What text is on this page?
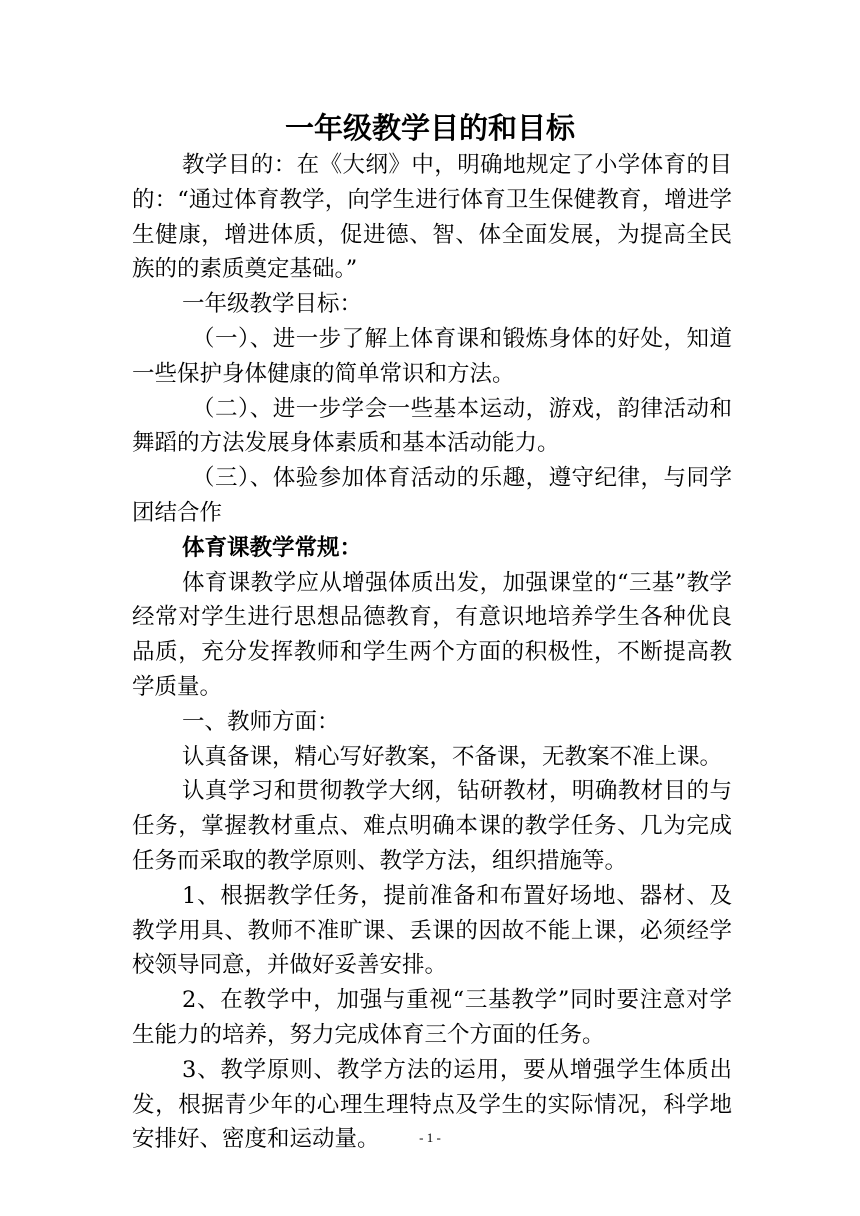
一年级教学目的和目标

教学目的：在《大纲》中，明确地规定了小学体育的目的：“通过体育教学，向学生进行体育卫生保健教育，增进学生健康，增进体质，促进德、智、体全面发展，为提高全民族的的素质奠定基础。”

一年级教学目标：

（一）、进一步了解上体育课和锻炼身体的好处，知道一些保护身体健康的简单常识和方法。

（二）、进一步学会一些基本运动，游戏，韵律活动和舞蹈的方法发展身体素质和基本活动能力。

（三）、体验参加体育活动的乐趣，遵守纪律，与同学团结合作

体育课教学常规：

体育课教学应从增强体质出发，加强课堂的“三基”教学经常对学生进行思想品德教育，有意识地培养学生各种优良品质，充分发挥教师和学生两个方面的积极性，不断提高教学质量。

一、教师方面：

认真备课，精心写好教案，不备课，无教案不准上课。

认真学习和贯彻教学大纲，钻研教材，明确教材目的与任务，掌握教材重点、难点明确本课的教学任务、几为完成任务而采取的教学原则、教学方法，组织措施等。

1、根据教学任务，提前准备和布置好场地、器材、及教学用具、教师不准旷课、丢课的因故不能上课，必须经学校领导同意，并做好妥善安排。

2、在教学中，加强与重视“三基教学”同时要注意对学生能力的培养，努力完成体育三个方面的任务。

3、教学原则、教学方法的运用，要从增强学生体质出发，根据青少年的心理生理特点及学生的实际情况，科学地安排好、密度和运动量。	- 1 -
